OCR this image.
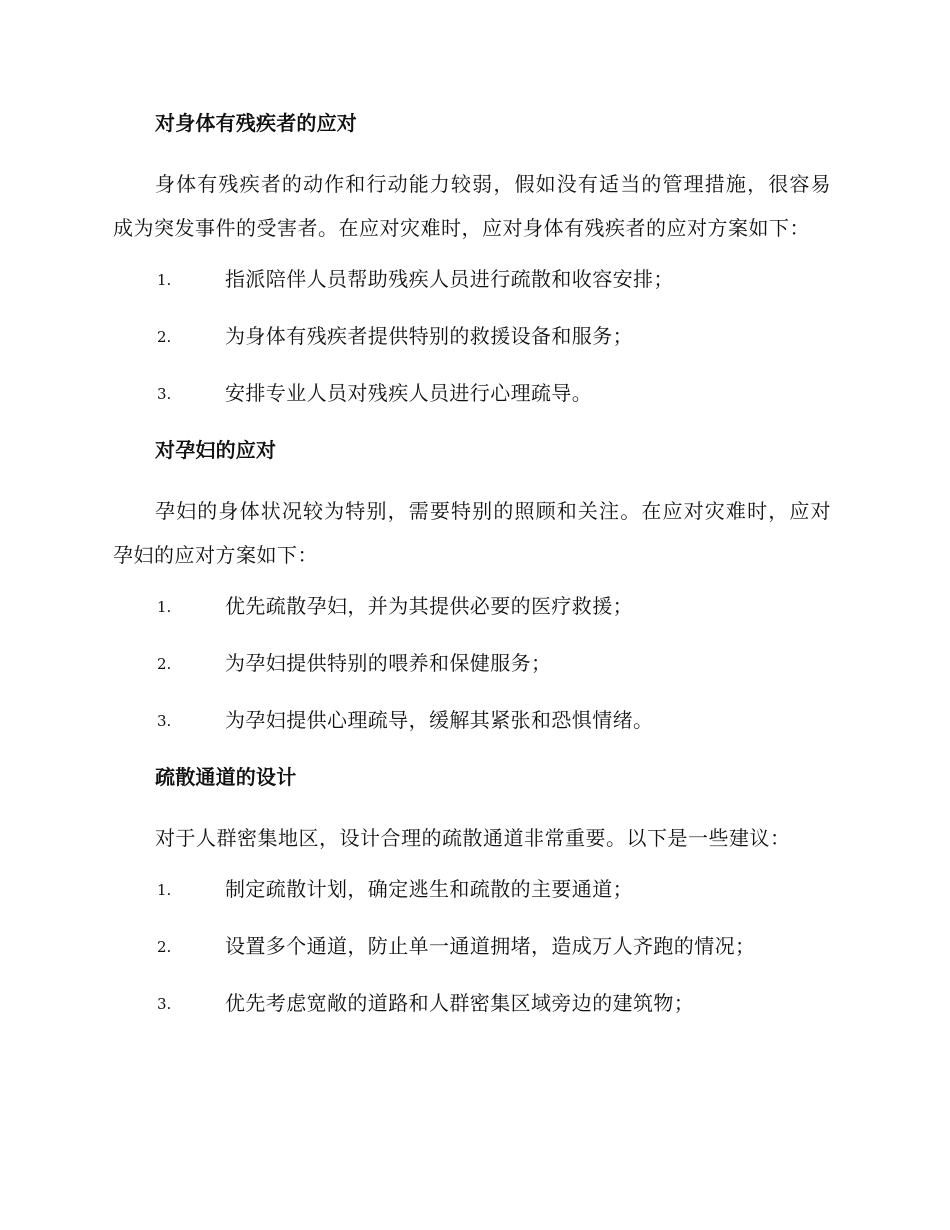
对身体有残疾者的应对

身体有残疾者的动作和行动能力较弱，假如没有适当的管理措施，很容易成为突发事件的受害者。在应对灾难时，应对身体有残疾者的应对方案如下：

1.	指派陪伴人员帮助残疾人员进行疏散和收容安排；
2.	为身体有残疾者提供特别的救援设备和服务；
3.	安排专业人员对残疾人员进行心理疏导。
对孕妇的应对

孕妇的身体状况较为特别，需要特别的照顾和关注。在应对灾难时，应对孕妇的应对方案如下：

1.	优先疏散孕妇，并为其提供必要的医疗救援；
2.	为孕妇提供特别的喂养和保健服务；
3.	为孕妇提供心理疏导，缓解其紧张和恐惧情绪。
疏散通道的设计

对于人群密集地区，设计合理的疏散通道非常重要。以下是一些建议：

1.	制定疏散计划，确定逃生和疏散的主要通道；
2.	设置多个通道，防止单一通道拥堵，造成万人齐跑的情况；
3.	优先考虑宽敞的道路和人群密集区域旁边的建筑物；
